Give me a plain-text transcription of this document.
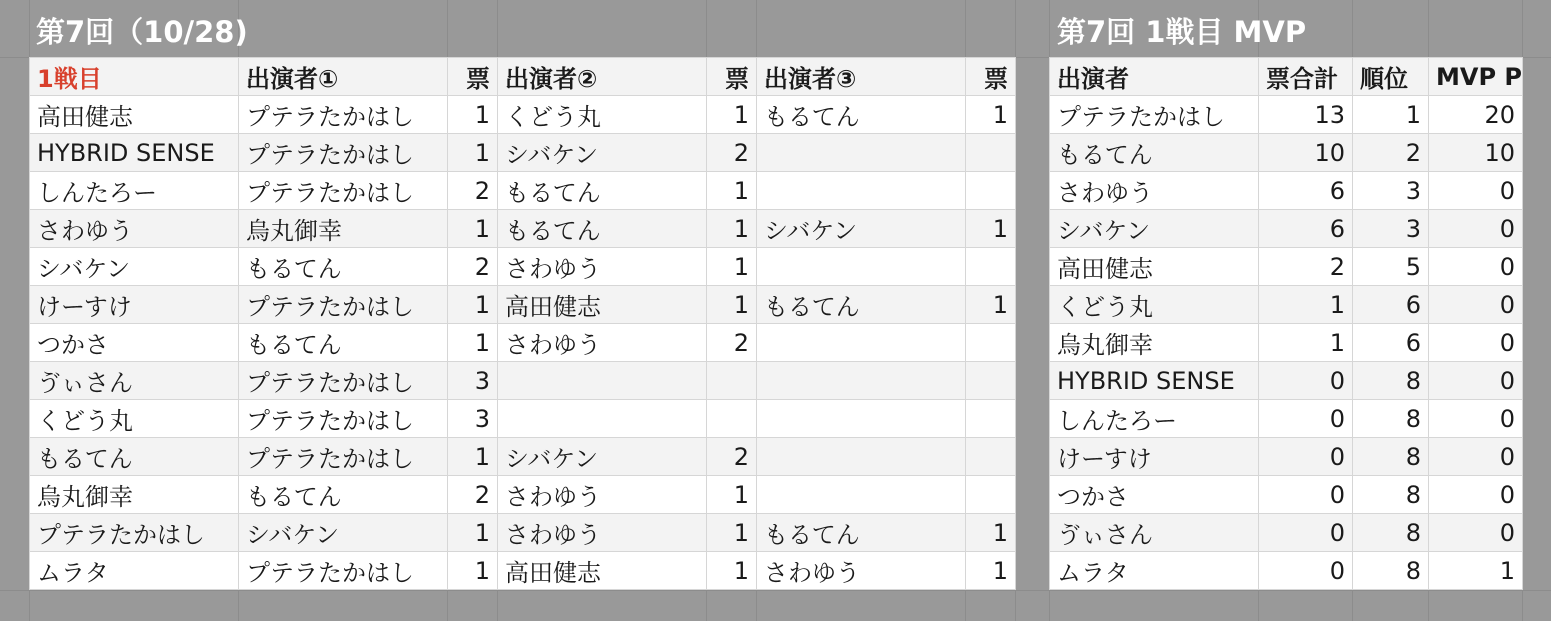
第7回（10/28)	第7回 1戦目 MVP
1戦目	出演者①	票	出演者②	票	出演者③	票
高田健志	プテラたかはし	1	くどう丸	1	もるてん	1
HYBRID SENSE	プテラたかはし	1	シバケン	2		
しんたろー	プテラたかはし	2	もるてん	1		
さわゆう	烏丸御幸	1	もるてん	1	シバケン	1
シバケン	もるてん	2	さわゆう	1		
けーすけ	プテラたかはし	1	高田健志	1	もるてん	1
つかさ	もるてん	1	さわゆう	2		
ゔぃさん	プテラたかはし	3				
くどう丸	プテラたかはし	3				
もるてん	プテラたかはし	1	シバケン	2		
烏丸御幸	もるてん	2	さわゆう	1		
プテラたかはし	シバケン	1	さわゆう	1	もるてん	1
ムラタ	プテラたかはし	1	高田健志	1	さわゆう	1
出演者	票合計	順位	MVP P
プテラたかはし	13	1	20
もるてん	10	2	10
さわゆう	6	3	0
シバケン	6	3	0
高田健志	2	5	0
くどう丸	1	6	0
烏丸御幸	1	6	0
HYBRID SENSE	0	8	0
しんたろー	0	8	0
けーすけ	0	8	0
つかさ	0	8	0
ゔぃさん	0	8	0
ムラタ	0	8	1
